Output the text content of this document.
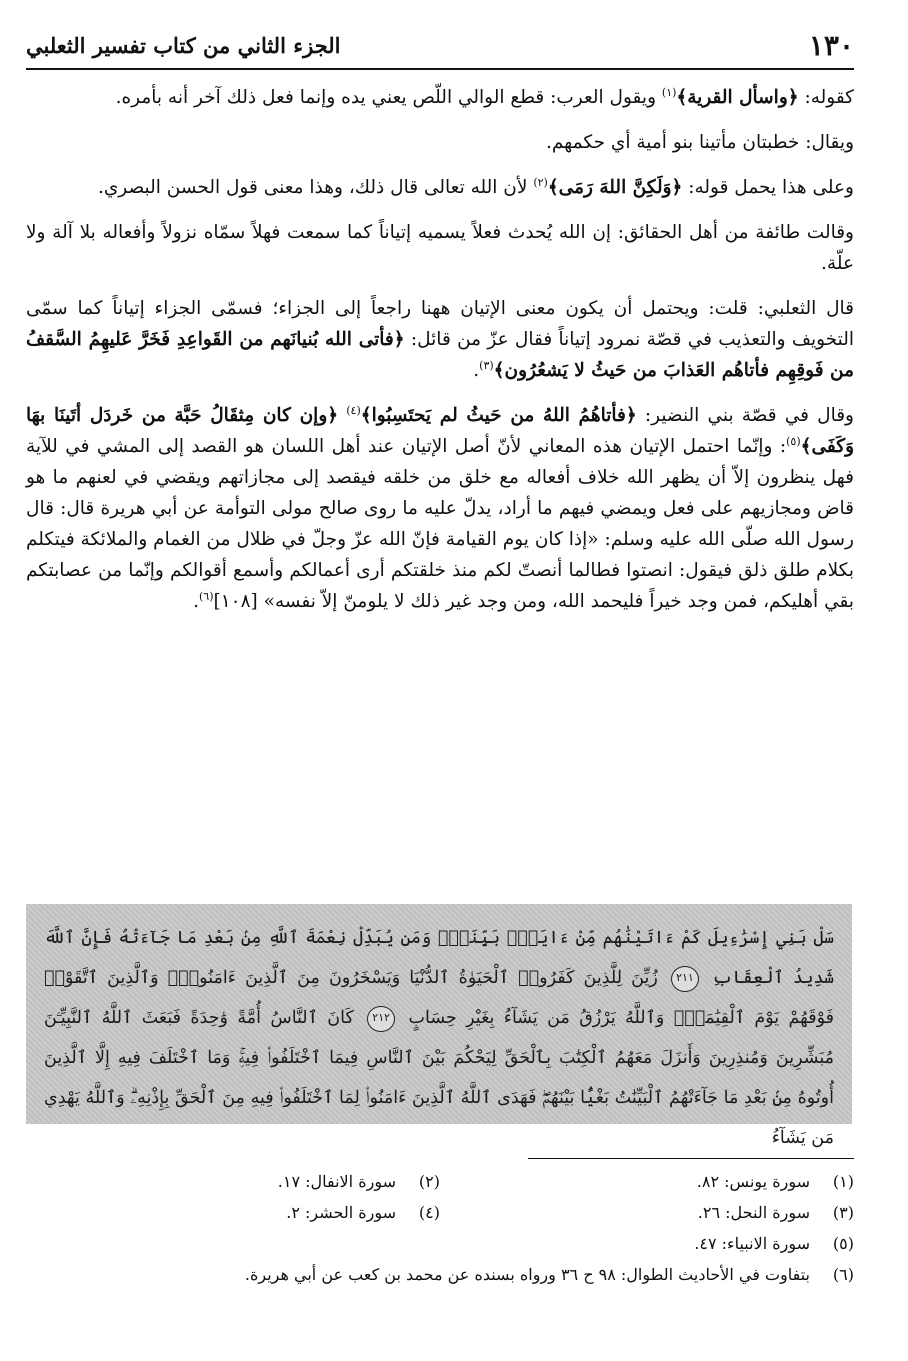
الجزء الثاني من كتاب تفسير الثعلبي	١٣٠

كقوله: ﴿واسأل القرية﴾$^{(١)}$ ويقول العرب: قطع الوالي اللّص يعني يده وإنما فعل ذلك آخر أنه بأمره.

ويقال: خطبتان مأتينا بنو أمية أي حكمهم.

وعلى هذا يحمل قوله: ﴿وَلَكِنَّ اللهَ رَمَى﴾$^{(٢)}$ لأن الله تعالى قال ذلك، وهذا معنى قول الحسن البصري.

وقالت طائفة من أهل الحقائق: إن الله يُحدث فعلاً يسميه إتياناً كما سمعت فهلاً سمّاه نزولاً وأفعاله بلا آلة ولا علّة.

قال الثعلبي: قلت: ويحتمل أن يكون معنى الإتيان ههنا راجعاً إلى الجزاء؛ فسمّى الجزاء إتياناً كما سمّى التخويف والتعذيب في قصّة نمرود إتياناً فقال عزّ من قائل: ﴿فأتى الله بُنيانَهم من القَواعِدِ فَخَرَّ عَليهِمُ السَّقفُ من فَوقِهِم فأتاهُم العَذابَ من حَيثُ لا يَشعُرُون﴾$^{(٣)}$.

وقال في قصّة بني النضير: ﴿فأتاهُمُ اللهُ من حَيثُ لم يَحتَسِبُوا﴾$^{(٤)}$ ﴿وإن كان مِثقَالُ حَبَّة من خَردَل أتَينَا بهَا وَكَفَى﴾$^{(٥)}$: وإنّما احتمل الإتيان هذه المعاني لأنّ أصل الإتيان عند أهل اللسان هو القصد إلى المشي في للآية فهل ينظرون إلاّ أن يظهر الله خلاف أفعاله مع خلق من خلقه فيقصد إلى مجازاتهم ويقضي في لعنهم ما هو قاض ومجازيهم على فعل ويمضي فيهم ما أراد، يدلّ عليه ما روى صالح مولى التوأمة عن أبي هريرة قال: قال رسول الله صلّى الله عليه وسلم: «إذا كان يوم القيامة فإنّ الله عزّ وجلّ في ظلال من الغمام والملائكة فيتكلم بكلام طلق ذلق فيقول: انصتوا فطالما أنصتّ لكم منذ خلقتكم أرى أعمالكم وأسمع أقوالكم وإنّما من عصابتكم بقي أهليكم، فمن وجد خيراً فليحمد الله، ومن وجد غير ذلك لا يلومنّ إلاّ نفسه» [١٠٨]$^{(٦)}$.

سَلْ بَنِي إِسْرَٰءِيلَ كَمْ ءَاتَيْنَٰهُم مِّنْ ءَايَةٍۭ بَيِّنَةٍۗ وَمَن يُبَدِّلْ نِعْمَةَ ٱللَّهِ مِنۢ بَعْدِ مَا جَآءَتْهُ فَإِنَّ ٱللَّهَ شَدِيدُ ٱلْعِقَابِ ٢١١ زُيِّنَ لِلَّذِينَ كَفَرُوا۟ ٱلْحَيَوٰةُ ٱلدُّنْيَا وَيَسْخَرُونَ مِنَ ٱلَّذِينَ ءَامَنُوا۟ۘ وَٱلَّذِينَ ٱتَّقَوْا۟ فَوْقَهُمْ يَوْمَ ٱلْقِيَٰمَةِۗ وَٱللَّهُ يَرْزُقُ مَن يَشَآءُ بِغَيْرِ حِسَابٍ ٢١٢ كَانَ ٱلنَّاسُ أُمَّةً وَٰحِدَةً فَبَعَثَ ٱللَّهُ ٱلنَّبِيِّـۧنَ مُبَشِّرِينَ وَمُنذِرِينَ وَأَنزَلَ مَعَهُمُ ٱلْكِتَٰبَ بِٱلْحَقِّ لِيَحْكُمَ بَيْنَ ٱلنَّاسِ فِيمَا ٱخْتَلَفُوا۟ فِيهِۚ وَمَا ٱخْتَلَفَ فِيهِ إِلَّا ٱلَّذِينَ أُوتُوهُ مِنۢ بَعْدِ مَا جَآءَتْهُمُ ٱلْبَيِّنَٰتُ بَغْيًۢا بَيْنَهُمْۖ فَهَدَى ٱللَّهُ ٱلَّذِينَ ءَامَنُوا۟ لِمَا ٱخْتَلَفُوا۟ فِيهِ مِنَ ٱلْحَقِّ بِإِذْنِهِۦۗ وَٱللَّهُ يَهْدِي مَن يَشَآءُ
(١)
سورة يونس: ٨٢.
(٢)
سورة الانفال: ١٧.
(٣)
سورة النحل: ٢٦.
(٤)
سورة الحشر: ٢.
(٥)
سورة الانبياء: ٤٧.
(٦)
بتفاوت في الأحاديث الطوال: ٩٨ ح ٣٦ ورواه بسنده عن محمد بن كعب عن أبي هريرة.
